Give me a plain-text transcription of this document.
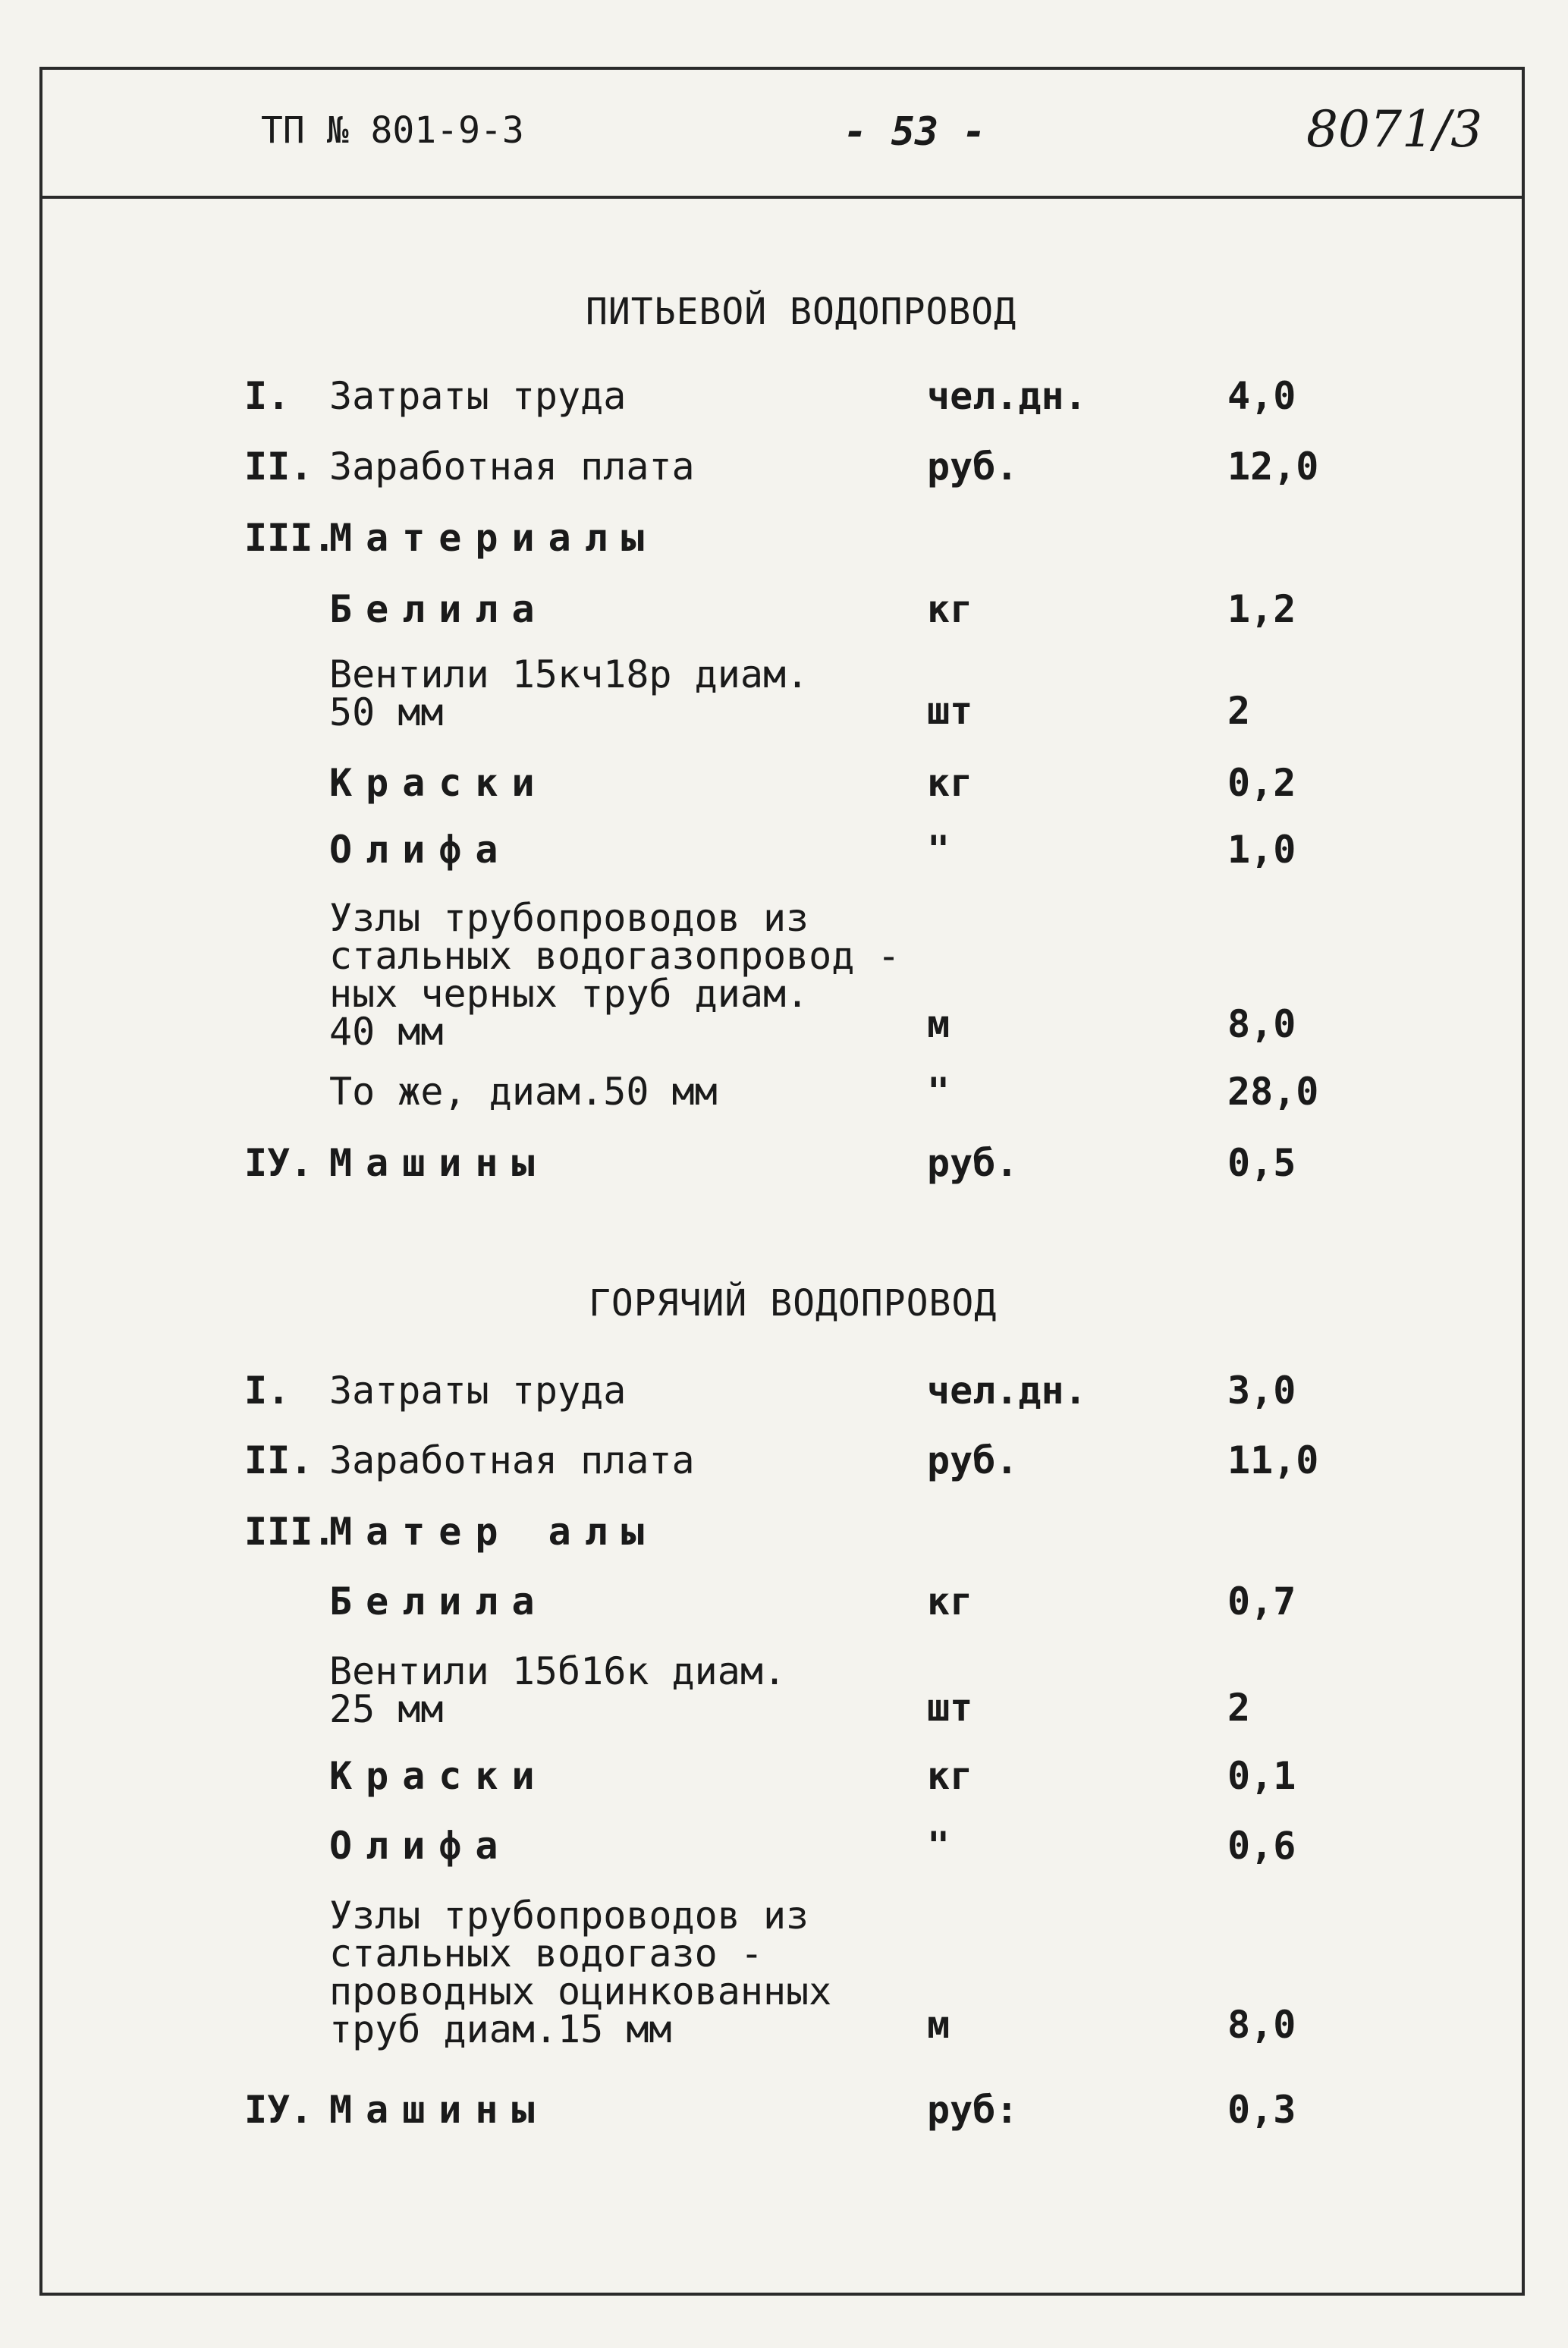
ТП № 801-9-3	- 53 -	8071/3
ПИТЬЕВОЙ ВОДОПРОВОД
I. Затраты труда	чел.дн.	4,0
II. Заработная плата	руб.	12,0
III.
Материалы
Белила	кг	1,2
Вентили 15кч18р диам.
50 мм	шт	2
Краски	кг	0,2
Олифа	"	1,0
Узлы трубопроводов из
стальных водогазопровод -
ных черных труб диам.
40 мм	м	8,0
То же, диам.50 мм	"	28,0
IУ. Машины	руб.	0,5
ГОРЯЧИЙ ВОДОПРОВОД
I. Затраты труда	чел.дн.	3,0
II. Заработная плата	руб.	11,0
III.
Матер алы
Белила	кг	0,7
Вентили 15б16к диам.
25 мм	шт	2
Краски	кг	0,1
Олифа	"	0,6
Узлы трубопроводов из
стальных водогазо -
проводных оцинкованных
труб диам.15 мм	м	8,0
IУ. Машины	руб:	0,3
